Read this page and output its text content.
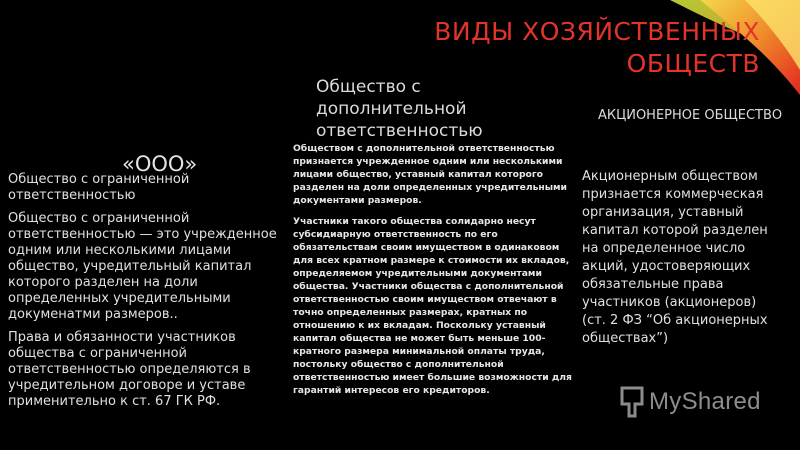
ВИДЫ ХОЗЯЙСТВЕННЫХ
ОБЩЕСТВ
Общество с дополнительной ответственностью
АКЦИОНЕРНОЕ ОБЩЕСТВО
«ООО»

Общество с ограниченной ответственностью

Общество с ограниченной ответственностью — это учрежденное одним или несколькими лицами общество, учредительный капитал которого разделен на доли определенных учредительными докуменатми размеров..

Права и обязанности участников общества с ограниченной ответственностью определяются в учредительном договоре и уставе применительно к ст. 67 ГК РФ.

Обществом с дополнительной ответственностью признается учрежденное одним или несколькими лицами общество, уставный капитал которого разделен на доли определенных учредительными документами размеров.

Участники такого общества солидарно несут субсидиарную ответственность по его обязательствам своим имуществом в одинаковом для всех кратном размере к стоимости их вкладов, определяемом учредительными документами общества. Участники общества с дополнительной ответственностью своим имуществом отвечают в точно определенных размерах, кратных по отношению к их вкладам. Поскольку уставный капитал общества не может быть меньше 100-кратного размера минимальной оплаты труда, постольку общество с дополнительной ответственностью имеет большие возможности для гарантий интересов его кредиторов.

Акционерным обществом признается коммерческая организация, уставный капитал которой разделен на определенное число акций, удостоверяющих обязательные права участников (акционеров) (ст. 2 ФЗ “Об акционерных обществах”)
MyShared
